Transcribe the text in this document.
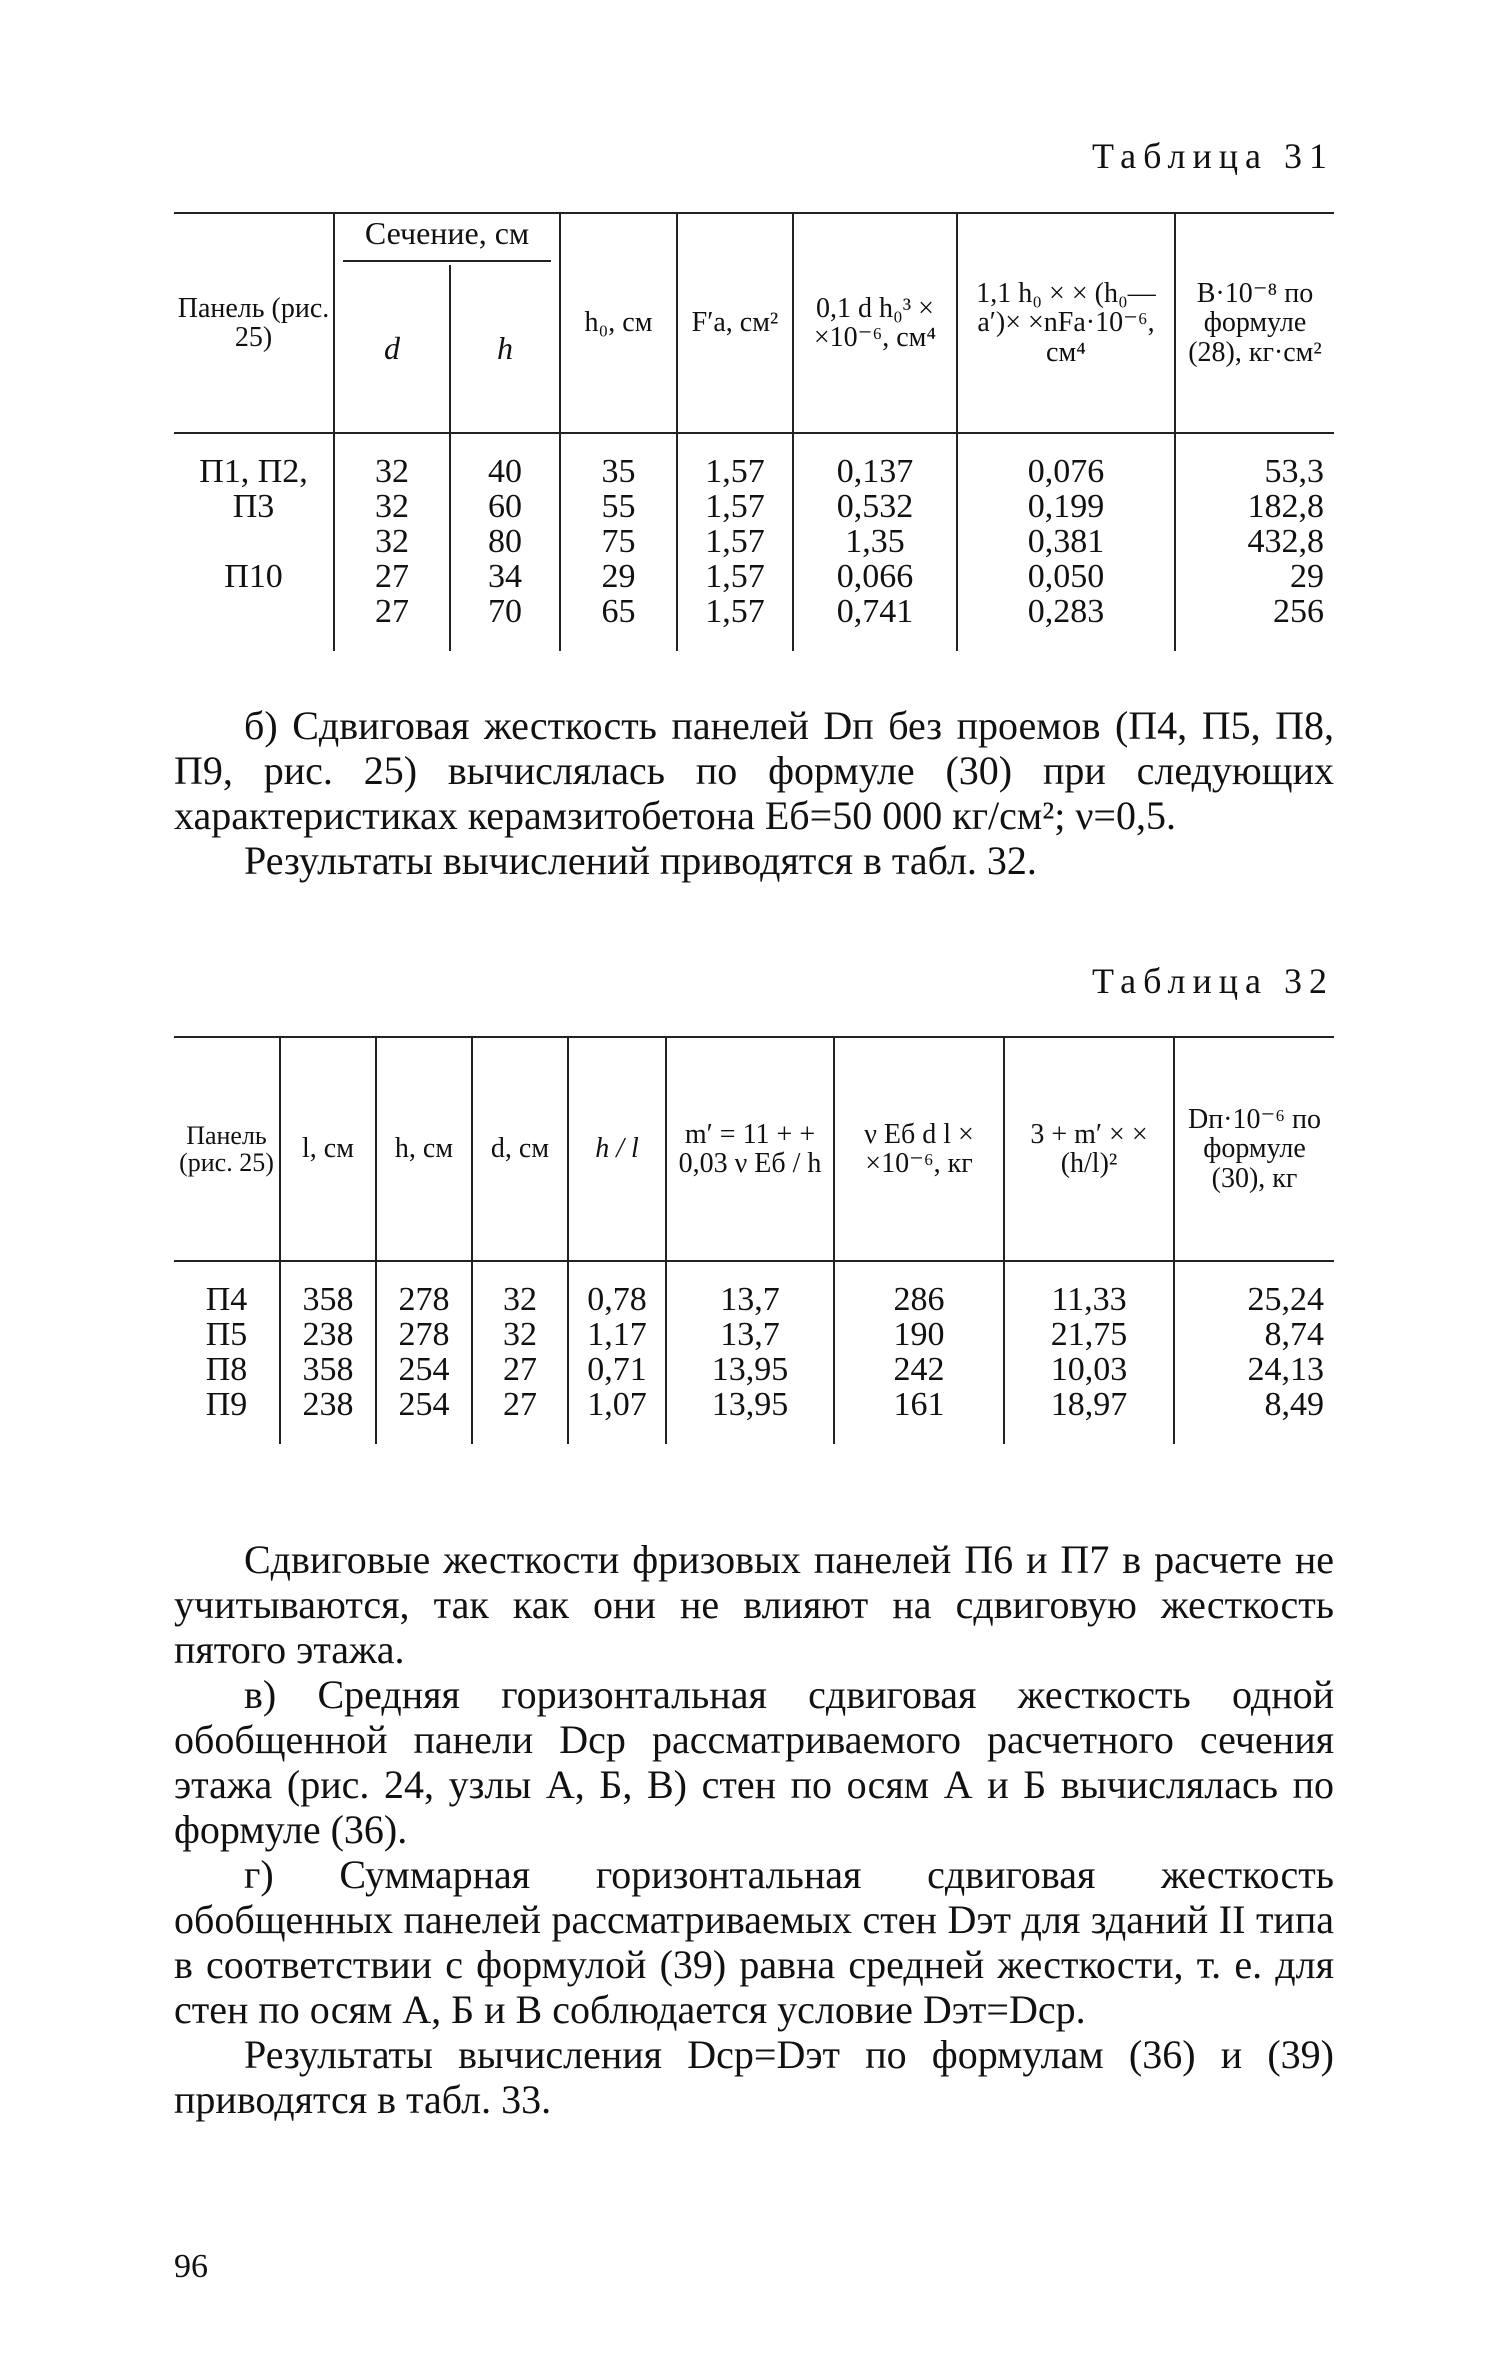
Таблица 31
Панель (рис. 25)	Сечение, см		h₀, см	F′a, см²	0,1 d h₀³ × ×10⁻⁶, см⁴	1,1 h₀ × × (h₀—a′)× ×nFa·10⁻⁶, см⁴	B·10⁻⁸ по формуле (28), кг·см²
	d	h					
П1, П2,	32	40	35	1,57	0,137	0,076	53,3
П3	32	60	55	1,57	0,532	0,199	182,8
	32	80	75	1,57	1,35	0,381	432,8
П10	27	34	29	1,57	0,066	0,050	29
	27	70	65	1,57	0,741	0,283	256

б) Сдвиговая жесткость панелей Dп без проемов (П4, П5, П8, П9, рис. 25) вычислялась по формуле (30) при следующих характеристиках керамзитобетона Eб=50 000 кг/см²; ν=0,5.

Результаты вычислений приводятся в табл. 32.

Таблица 32
Панель (рис. 25)	l, см	h, см	d, см	h / l	m′ = 11 + + 0,03 ν Eб / h	ν Eб d l × ×10⁻⁶, кг	3 + m′ × × (h/l)²	Dп·10⁻⁶ по формуле (30), кг
П4	358	278	32	0,78	13,7	286	11,33	25,24
П5	238	278	32	1,17	13,7	190	21,75	8,74
П8	358	254	27	0,71	13,95	242	10,03	24,13
П9	238	254	27	1,07	13,95	161	18,97	8,49

Сдвиговые жесткости фризовых панелей П6 и П7 в расчете не учитываются, так как они не влияют на сдвиговую жесткость пятого этажа.

в) Средняя горизонтальная сдвиговая жесткость одной обобщенной панели Dср рассматриваемого расчетного сечения этажа (рис. 24, узлы А, Б, В) стен по осям А и Б вычислялась по формуле (36).

г) Суммарная горизонтальная сдвиговая жесткость обобщенных панелей рассматриваемых стен Dэт для зданий II типа в соответствии с формулой (39) равна средней жесткости, т. е. для стен по осям А, Б и В соблюдается условие Dэт=Dср.

Результаты вычисления Dср=Dэт по формулам (36) и (39) приводятся в табл. 33.

96
